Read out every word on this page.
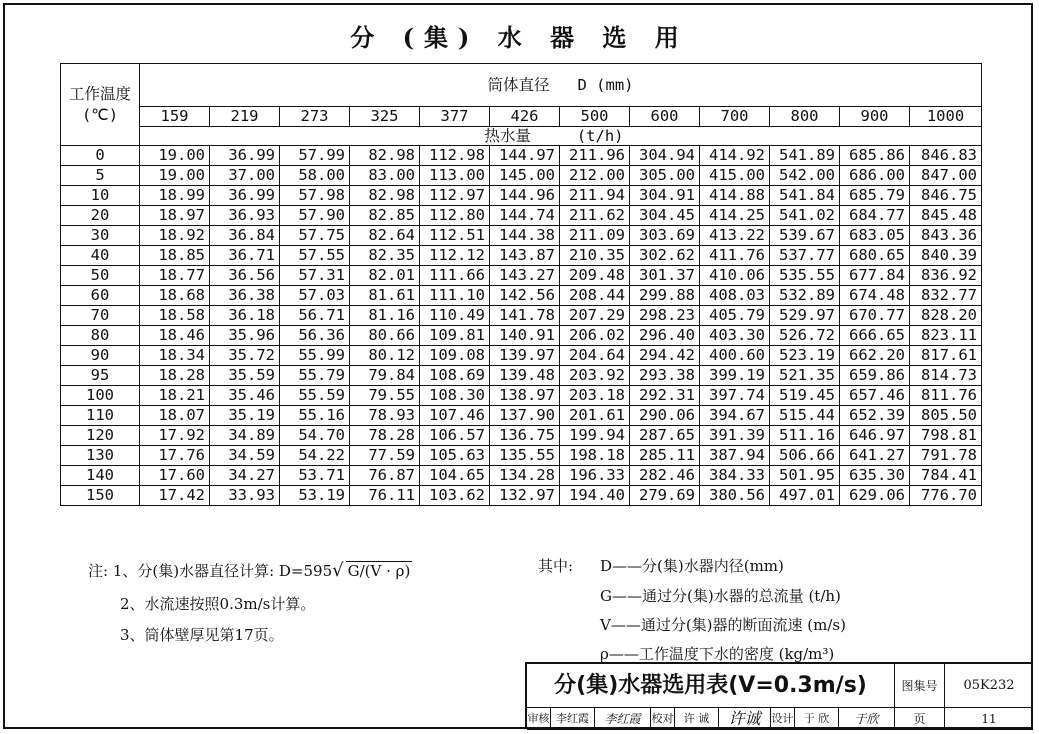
分 (集) 水 器 选 用
工作温度
(℃)	筒体直径   D (mm)											
	159	219	273	325	377	426	500	600	700	800	900	1000
	热水量 (t/h)											
0	19.00	36.99	57.99	82.98	112.98	144.97	211.96	304.94	414.92	541.89	685.86	846.83
5	19.00	37.00	58.00	83.00	113.00	145.00	212.00	305.00	415.00	542.00	686.00	847.00
10	18.99	36.99	57.98	82.98	112.97	144.96	211.94	304.91	414.88	541.84	685.79	846.75
20	18.97	36.93	57.90	82.85	112.80	144.74	211.62	304.45	414.25	541.02	684.77	845.48
30	18.92	36.84	57.75	82.64	112.51	144.38	211.09	303.69	413.22	539.67	683.05	843.36
40	18.85	36.71	57.55	82.35	112.12	143.87	210.35	302.62	411.76	537.77	680.65	840.39
50	18.77	36.56	57.31	82.01	111.66	143.27	209.48	301.37	410.06	535.55	677.84	836.92
60	18.68	36.38	57.03	81.61	111.10	142.56	208.44	299.88	408.03	532.89	674.48	832.77
70	18.58	36.18	56.71	81.16	110.49	141.78	207.29	298.23	405.79	529.97	670.77	828.20
80	18.46	35.96	56.36	80.66	109.81	140.91	206.02	296.40	403.30	526.72	666.65	823.11
90	18.34	35.72	55.99	80.12	109.08	139.97	204.64	294.42	400.60	523.19	662.20	817.61
95	18.28	35.59	55.79	79.84	108.69	139.48	203.92	293.38	399.19	521.35	659.86	814.73
100	18.21	35.46	55.59	79.55	108.30	138.97	203.18	292.31	397.74	519.45	657.46	811.76
110	18.07	35.19	55.16	78.93	107.46	137.90	201.61	290.06	394.67	515.44	652.39	805.50
120	17.92	34.89	54.70	78.28	106.57	136.75	199.94	287.65	391.39	511.16	646.97	798.81
130	17.76	34.59	54.22	77.59	105.63	135.55	198.18	285.11	387.94	506.66	641.27	791.78
140	17.60	34.27	53.71	76.87	104.65	134.28	196.33	282.46	384.33	501.95	635.30	784.41
150	17.42	33.93	53.19	76.11	103.62	132.97	194.40	279.69	380.56	497.01	629.06	776.70
注: 1、分(集)水器直径计算: D=595√ G/(V · ρ)
2、水流速按照0.3m/s计算。
3、筒体壁厚见第17页。
其中: D——分(集)水器内径(mm)
G——通过分(集)水器的总流量 (t/h)
V——通过分(集)器的断面流速 (m/s)
ρ——工作温度下水的密度 (kg/m³)
分(集)水器选用表(V=0.3m/s)	图集号	05K232
审核 李红霞	李红霞	校对 许 诚	许诚	设计 于 欣	于欣	页	11
